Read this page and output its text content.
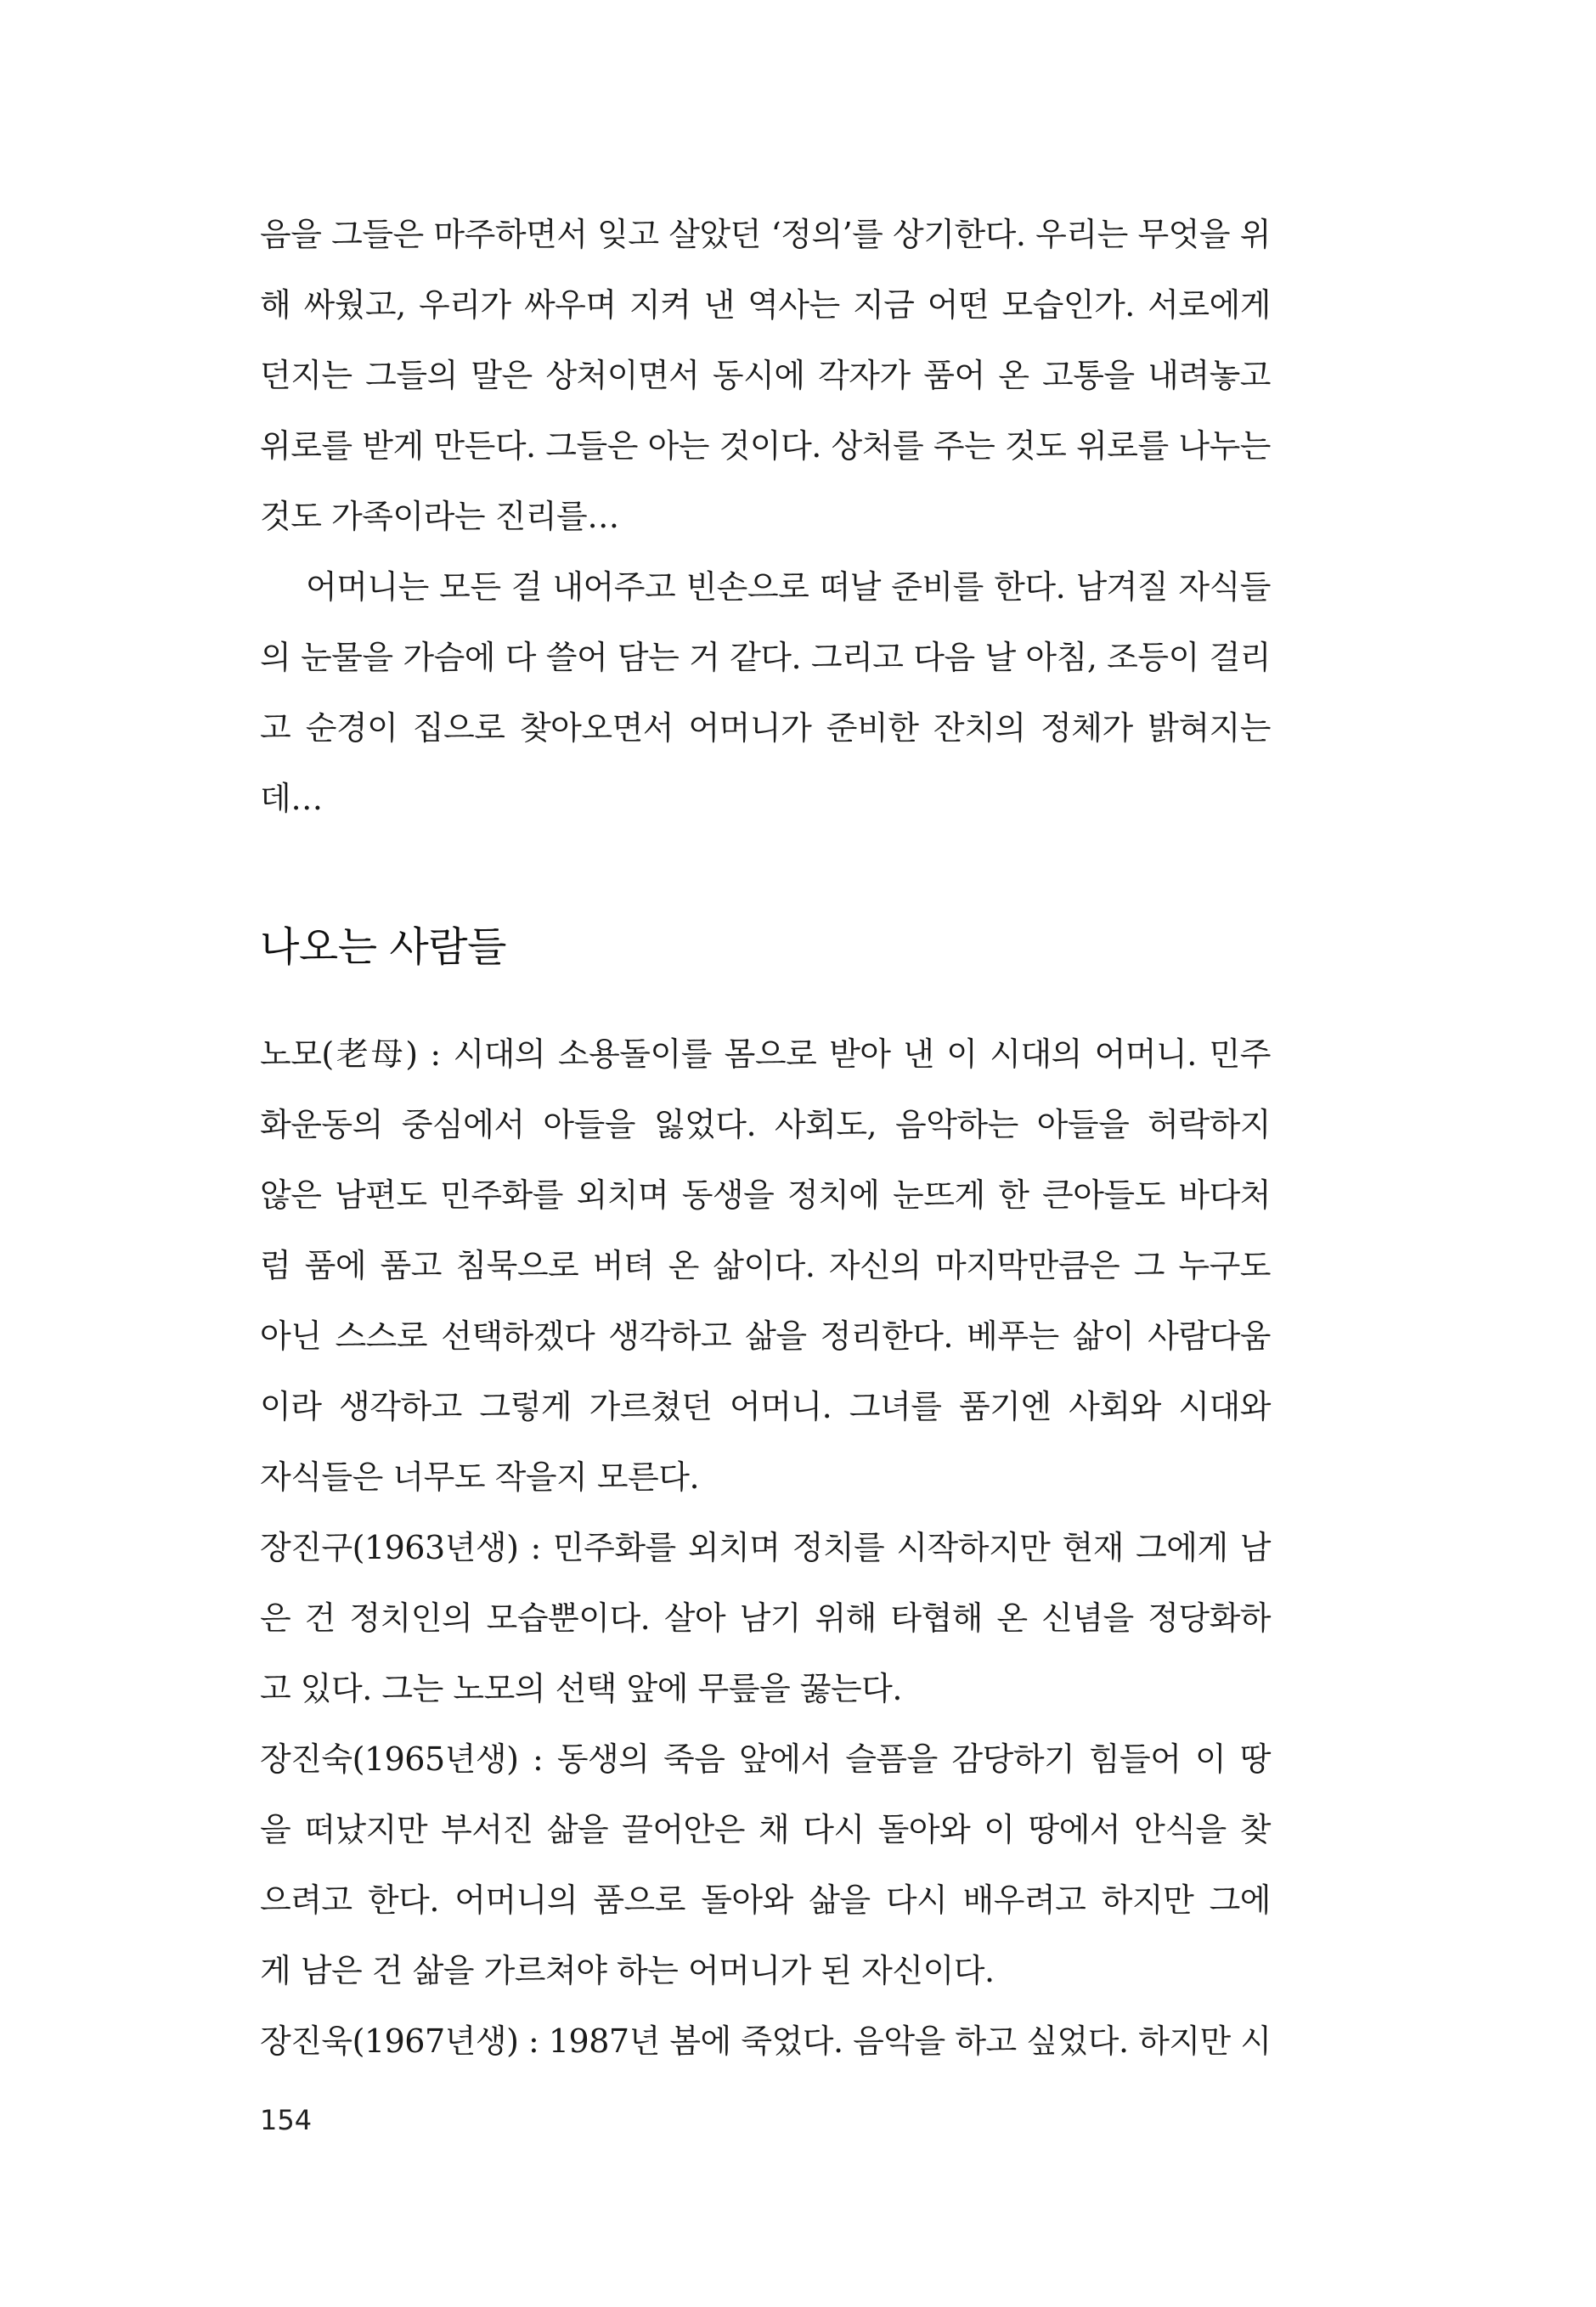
음을 그들은 마주하면서 잊고 살았던 ‘정의’를 상기한다. 우리는 무엇을 위
해 싸웠고, 우리가 싸우며 지켜 낸 역사는 지금 어떤 모습인가. 서로에게
던지는 그들의 말은 상처이면서 동시에 각자가 품어 온 고통을 내려놓고
위로를 받게 만든다. 그들은 아는 것이다. 상처를 주는 것도 위로를 나누는
것도 가족이라는 진리를…
어머니는 모든 걸 내어주고 빈손으로 떠날 준비를 한다. 남겨질 자식들
의 눈물을 가슴에 다 쓸어 담는 거 같다. 그리고 다음 날 아침, 조등이 걸리
고 순경이 집으로 찾아오면서 어머니가 준비한 잔치의 정체가 밝혀지는
데…
나오는 사람들
노모(老母) : 시대의 소용돌이를 몸으로 받아 낸 이 시대의 어머니. 민주
화운동의 중심에서 아들을 잃었다. 사회도, 음악하는 아들을 허락하지
않은 남편도 민주화를 외치며 동생을 정치에 눈뜨게 한 큰아들도 바다처
럼 품에 품고 침묵으로 버텨 온 삶이다. 자신의 마지막만큼은 그 누구도
아닌 스스로 선택하겠다 생각하고 삶을 정리한다. 베푸는 삶이 사람다움
이라 생각하고 그렇게 가르쳤던 어머니. 그녀를 품기엔 사회와 시대와
자식들은 너무도 작을지 모른다.
장진구(1963년생) : 민주화를 외치며 정치를 시작하지만 현재 그에게 남
은 건 정치인의 모습뿐이다. 살아 남기 위해 타협해 온 신념을 정당화하
고 있다. 그는 노모의 선택 앞에 무릎을 꿇는다.
장진숙(1965년생) : 동생의 죽음 앞에서 슬픔을 감당하기 힘들어 이 땅
을 떠났지만 부서진 삶을 끌어안은 채 다시 돌아와 이 땅에서 안식을 찾
으려고 한다. 어머니의 품으로 돌아와 삶을 다시 배우려고 하지만 그에
게 남은 건 삶을 가르쳐야 하는 어머니가 된 자신이다.
장진욱(1967년생) : 1987년 봄에 죽었다. 음악을 하고 싶었다. 하지만 시
154
